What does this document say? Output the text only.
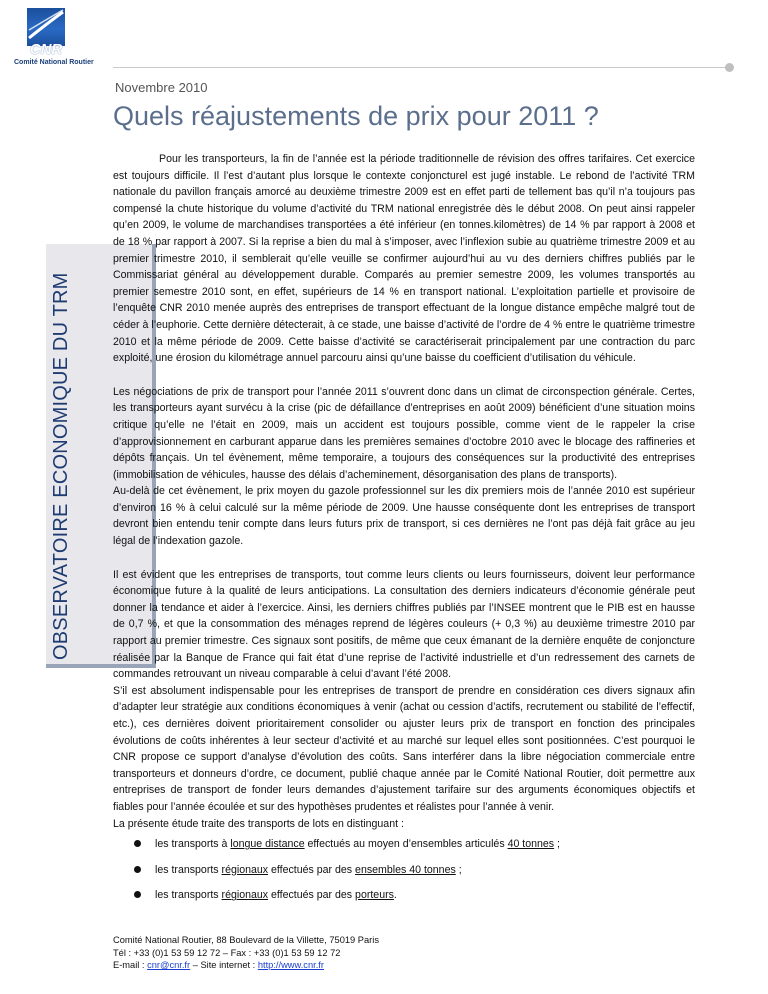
CNR
Comité National Routier
Novembre 2010
Quels réajustements de prix pour 2011 ?
OBSERVATOIRE ECONOMIQUE DU TRM

Pour les transporteurs, la fin de l’année est la période traditionnelle de révision des offres tarifaires. Cet exercice est toujours difficile. Il l’est d’autant plus lorsque le contexte conjoncturel est jugé instable. Le rebond de l’activité TRM nationale du pavillon français amorcé au deuxième trimestre 2009 est en effet parti de tellement bas qu’il n’a toujours pas compensé la chute historique du volume d’activité du TRM national enregistrée dès le début 2008. On peut ainsi rappeler qu’en 2009, le volume de marchandises transportées a été inférieur (en tonnes.kilomètres) de 14 % par rapport à 2008 et de 18 % par rapport à 2007. Si la reprise a bien du mal à s’imposer, avec l’inflexion subie au quatrième trimestre 2009 et au premier trimestre 2010, il semblerait qu’elle veuille se confirmer aujourd’hui au vu des derniers chiffres publiés par le Commissariat général au développement durable. Comparés au premier semestre 2009, les volumes transportés au premier semestre 2010 sont, en effet, supérieurs de 14 % en transport national. L’exploitation partielle et provisoire de l’enquête CNR 2010 menée auprès des entreprises de transport effectuant de la longue distance empêche malgré tout de céder à l’euphorie. Cette dernière détecterait, à ce stade, une baisse d’activité de l’ordre de 4 % entre le quatrième trimestre 2010 et la même période de 2009. Cette baisse d’activité se caractériserait principalement par une contraction du parc exploité, une érosion du kilométrage annuel parcouru ainsi qu’une baisse du coefficient d’utilisation du véhicule.

Les négociations de prix de transport pour l’année 2011 s’ouvrent donc dans un climat de circonspection générale. Certes, les transporteurs ayant survécu à la crise (pic de défaillance d’entreprises en août 2009) bénéficient d’une situation moins critique qu’elle ne l’était en 2009, mais un accident est toujours possible, comme vient de le rappeler la crise d’approvisionnement en carburant apparue dans les premières semaines d’octobre 2010 avec le blocage des raffineries et dépôts français. Un tel évènement, même temporaire, a toujours des conséquences sur la productivité des entreprises (immobilisation de véhicules, hausse des délais d’acheminement, désorganisation des plans de transports).

Au-delà de cet évènement, le prix moyen du gazole professionnel sur les dix premiers mois de l’année 2010 est supérieur d’environ 16 % à celui calculé sur la même période de 2009. Une hausse conséquente dont les entreprises de transport devront bien entendu tenir compte dans leurs futurs prix de transport, si ces dernières ne l’ont pas déjà fait grâce au jeu légal de l’indexation gazole.

Il est évident que les entreprises de transports, tout comme leurs clients ou leurs fournisseurs, doivent leur performance économique future à la qualité de leurs anticipations. La consultation des derniers indicateurs d’économie générale peut donner la tendance et aider à l’exercice. Ainsi, les derniers chiffres publiés par l’INSEE montrent que le PIB est en hausse de 0,7 %, et que la consommation des ménages reprend de légères couleurs (+ 0,3 %) au deuxième trimestre 2010 par rapport au premier trimestre. Ces signaux sont positifs, de même que ceux émanant de la dernière enquête de conjoncture réalisée par la Banque de France qui fait état d’une reprise de l’activité industrielle et d’un redressement des carnets de commandes retrouvant un niveau comparable à celui d’avant l’été 2008.

S’il est absolument indispensable pour les entreprises de transport de prendre en considération ces divers signaux afin d’adapter leur stratégie aux conditions économiques à venir (achat ou cession d’actifs, recrutement ou stabilité de l’effectif, etc.), ces dernières doivent prioritairement consolider ou ajuster leurs prix de transport en fonction des principales évolutions de coûts inhérentes à leur secteur d’activité et au marché sur lequel elles sont positionnées. C’est pourquoi le CNR propose ce support d’analyse d’évolution des coûts. Sans interférer dans la libre négociation commerciale entre transporteurs et donneurs d’ordre, ce document, publié chaque année par le Comité National Routier, doit permettre aux entreprises de transport de fonder leurs demandes d’ajustement tarifaire sur des arguments économiques objectifs et fiables pour l’année écoulée et sur des hypothèses prudentes et réalistes pour l’année à venir.

La présente étude traite des transports de lots en distinguant :

les transports à longue distance effectués au moyen d’ensembles articulés 40 tonnes ;
les transports régionaux effectués par des ensembles 40 tonnes ;
les transports régionaux effectués par des porteurs.
Comité National Routier, 88 Boulevard de la Villette, 75019 Paris
Tél : +33 (0)1 53 59 12 72 – Fax : +33 (0)1 53 59 12 72
E-mail : cnr@cnr.fr – Site internet : http://www.cnr.fr
